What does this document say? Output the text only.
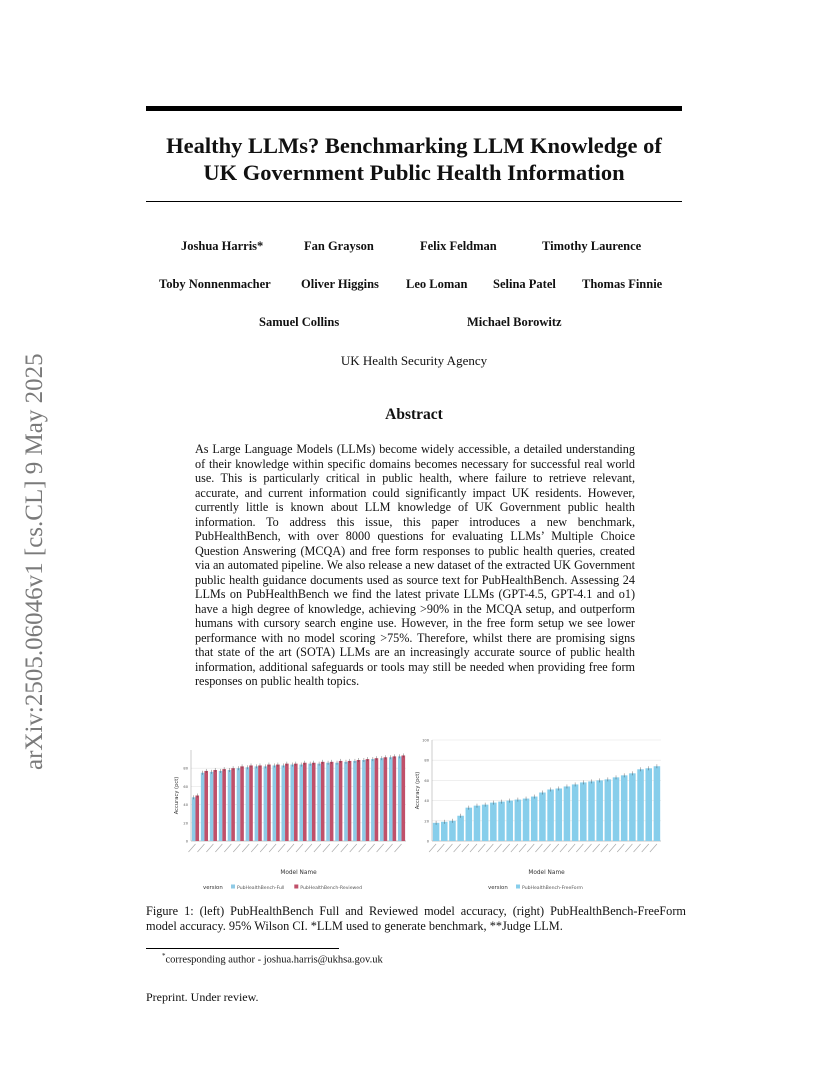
Healthy LLMs? Benchmarking LLM Knowledge of
UK Government Public Health Information
Joshua Harris*	Fan Grayson	Felix Feldman	Timothy Laurence
Toby Nonnenmacher Oliver Higgins Leo Loman Selina Patel Thomas Finnie
Samuel Collins	Michael Borowitz
UK Health Security Agency
Abstract
As Large Language Models (LLMs) become widely accessible, a detailed understanding of their knowledge within specific domains becomes necessary for successful real world use. This is particularly critical in public health, where failure to retrieve relevant, accurate, and current information could significantly impact UK residents. However, currently little is known about LLM knowledge of UK Government public health information. To address this issue, this paper introduces a new benchmark, PubHealthBench, with over 8000 questions for evaluating LLMs’ Multiple Choice Question Answering (MCQA) and free form responses to public health queries, created via an automated pipeline. We also release a new dataset of the extracted UK Government public health guidance documents used as source text for PubHealthBench. Assessing 24 LLMs on PubHealthBench we find the latest private LLMs (GPT-4.5, GPT-4.1 and o1) have a high degree of knowledge, achieving >90% in the MCQA setup, and outperform humans with cursory search engine use. However, in the free form setup we see lower performance with no model scoring >75%. Therefore, whilst there are promising signs that state of the art (SOTA) LLMs are an increasingly accurate source of public health information, additional safeguards or tools may still be needed when providing free form responses on public health topics.
arXiv:2505.06046v1 [cs.CL] 9 May 2025
0
20
40
60
80
Accuracy (pct)
Model Name
version	PubHealthBench-Full	PubHealthBench-Reviewed
0
20
40
60
80
100
Accuracy (pct)
Model Name
version	PubHealthBench-FreeForm
Figure 1: (left) PubHealthBench Full and Reviewed model accuracy, (right) PubHealthBench-FreeForm model accuracy. 95% Wilson CI. *LLM used to generate benchmark, **Judge LLM.
*corresponding author - joshua.harris@ukhsa.gov.uk
Preprint. Under review.
